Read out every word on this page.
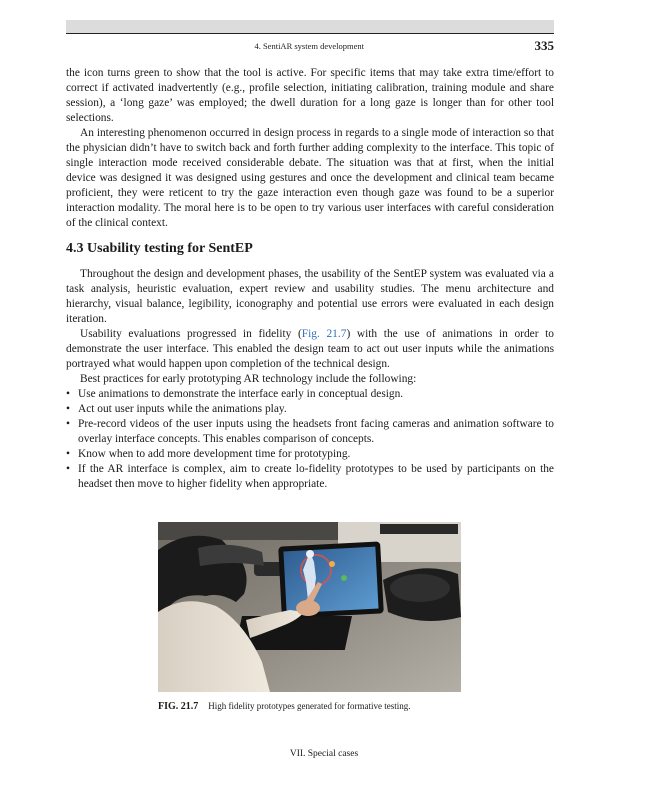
4. SentiAR system development	335

the icon turns green to show that the tool is active. For specific items that may take extra time/effort to correct if activated inadvertently (e.g., profile selection, initiating calibration, training module and share session), a ‘long gaze’ was employed; the dwell duration for a long gaze is longer than for other tool selections.

An interesting phenomenon occurred in design process in regards to a single mode of interaction so that the physician didn’t have to switch back and forth further adding complexity to the interface. This topic of single interaction mode received considerable debate. The situation was that at first, when the initial device was designed it was designed using gestures and once the development and clinical team became proficient, they were reticent to try the gaze interaction even though gaze was found to be a superior interaction modality. The moral here is to be open to try various user interfaces with careful consideration of the clinical context.

4.3 Usability testing for SentEP

Throughout the design and development phases, the usability of the SentEP system was evaluated via a task analysis, heuristic evaluation, expert review and usability studies. The menu architecture and hierarchy, visual balance, legibility, iconography and potential use errors were evaluated in each design iteration.

Usability evaluations progressed in fidelity (Fig. 21.7) with the use of animations in order to demonstrate the user interface. This enabled the design team to act out user inputs while the animations portrayed what would happen upon completion of the technical design.

Best practices for early prototyping AR technology include the following:

• Use animations to demonstrate the interface early in conceptual design.
• Act out user inputs while the animations play.
• Pre-record videos of the user inputs using the headsets front facing cameras and animation software to overlay interface concepts. This enables comparison of concepts.
• Know when to add more development time for prototyping.
• If the AR interface is complex, aim to create lo-fidelity prototypes to be used by participants on the headset then move to higher fidelity when appropriate.
FIG. 21.7 High fidelity prototypes generated for formative testing.
VII. Special cases
